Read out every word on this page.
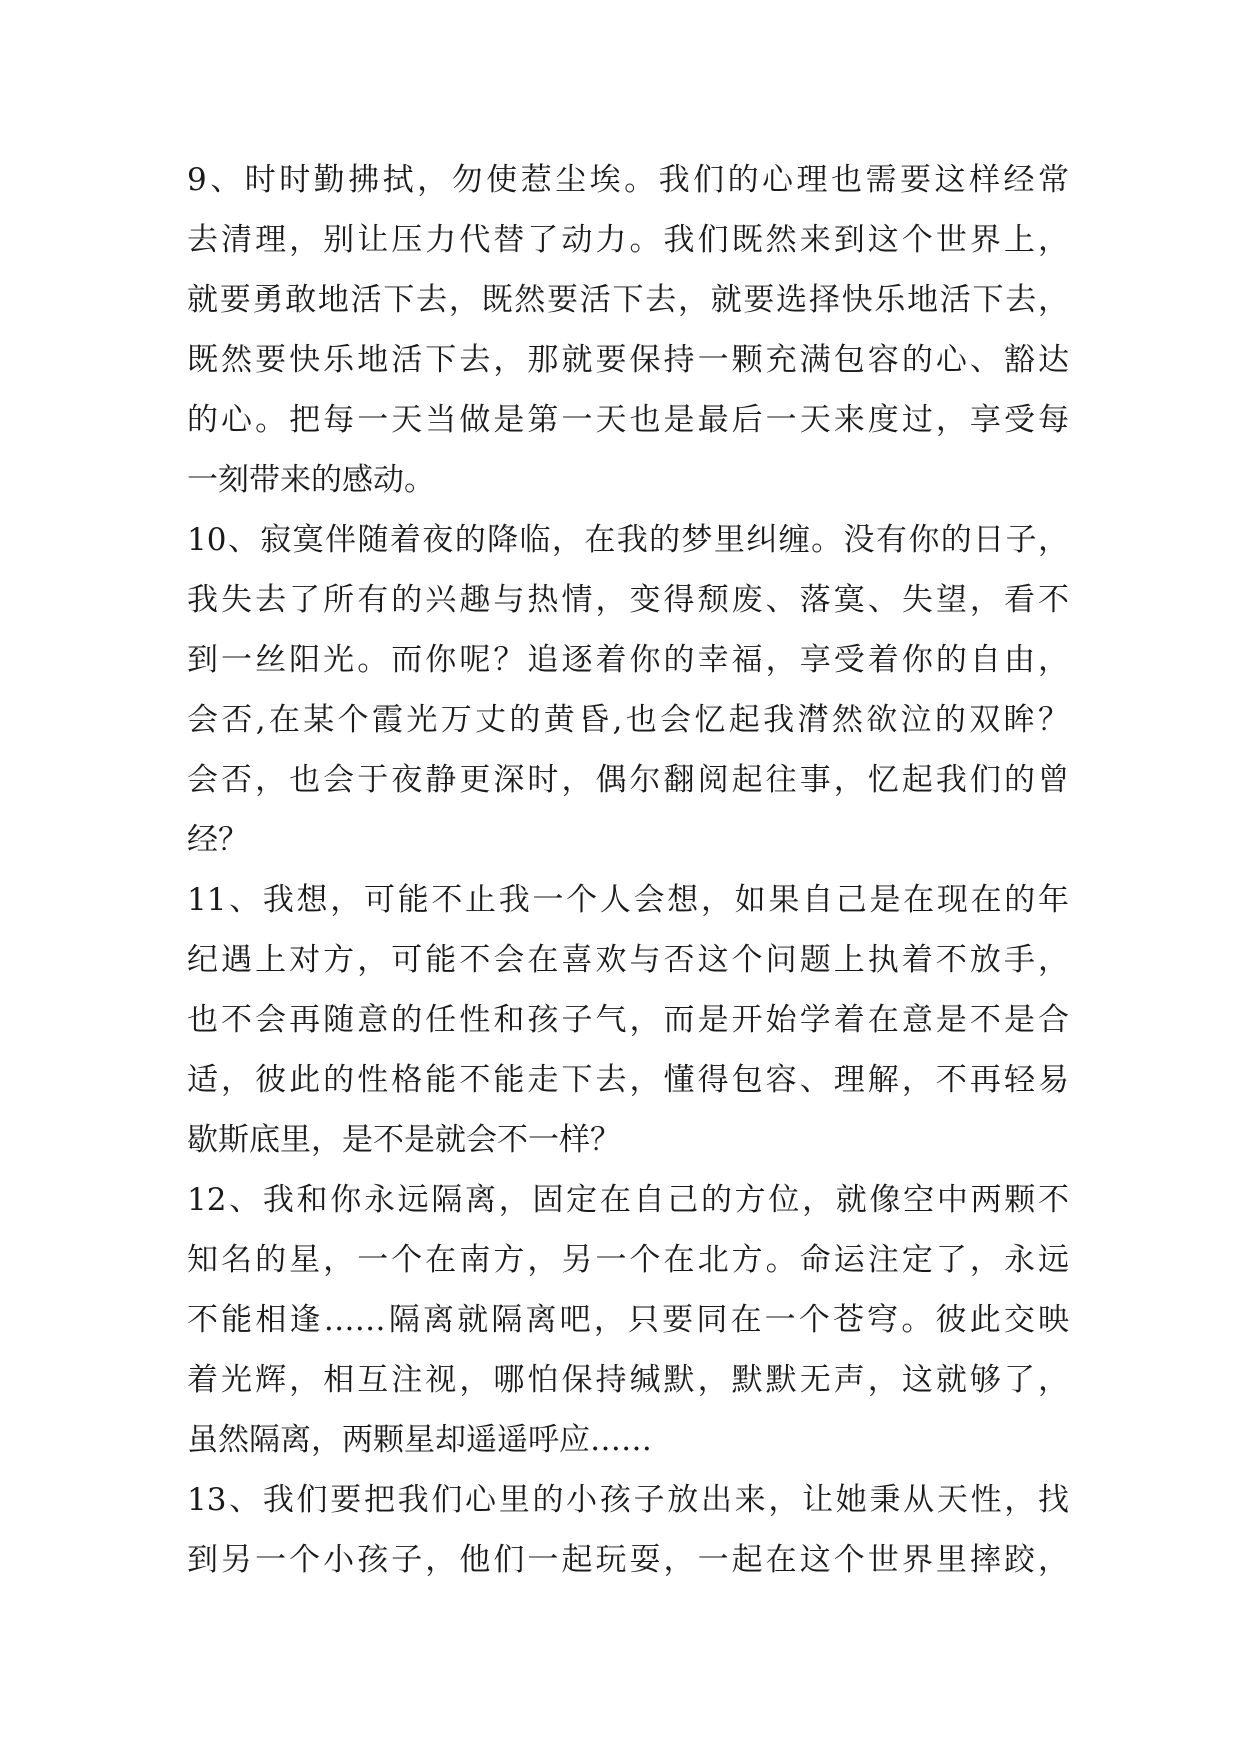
9、时时勤拂拭，勿使惹尘埃。我们的心理也需要这样经常
去清理，别让压力代替了动力。我们既然来到这个世界上，
就要勇敢地活下去，既然要活下去，就要选择快乐地活下去，
既然要快乐地活下去，那就要保持一颗充满包容的心、豁达
的心。把每一天当做是第一天也是最后一天来度过，享受每
一刻带来的感动。
10、寂寞伴随着夜的降临，在我的梦里纠缠。没有你的日子，
我失去了所有的兴趣与热情，变得颓废、落寞、失望，看不
到一丝阳光。而你呢？追逐着你的幸福，享受着你的自由，
会否,在某个霞光万丈的黄昏,也会忆起我潸然欲泣的双眸？
会否，也会于夜静更深时，偶尔翻阅起往事，忆起我们的曾
经？
11、我想，可能不止我一个人会想，如果自己是在现在的年
纪遇上对方，可能不会在喜欢与否这个问题上执着不放手，
也不会再随意的任性和孩子气，而是开始学着在意是不是合
适，彼此的性格能不能走下去，懂得包容、理解，不再轻易
歇斯底里，是不是就会不一样？
12、我和你永远隔离，固定在自己的方位，就像空中两颗不
知名的星，一个在南方，另一个在北方。命运注定了，永远
不能相逢……隔离就隔离吧，只要同在一个苍穹。彼此交映
着光辉，相互注视，哪怕保持缄默，默默无声，这就够了，
虽然隔离，两颗星却遥遥呼应……
13、我们要把我们心里的小孩子放出来，让她秉从天性，找
到另一个小孩子，他们一起玩耍，一起在这个世界里摔跤，
